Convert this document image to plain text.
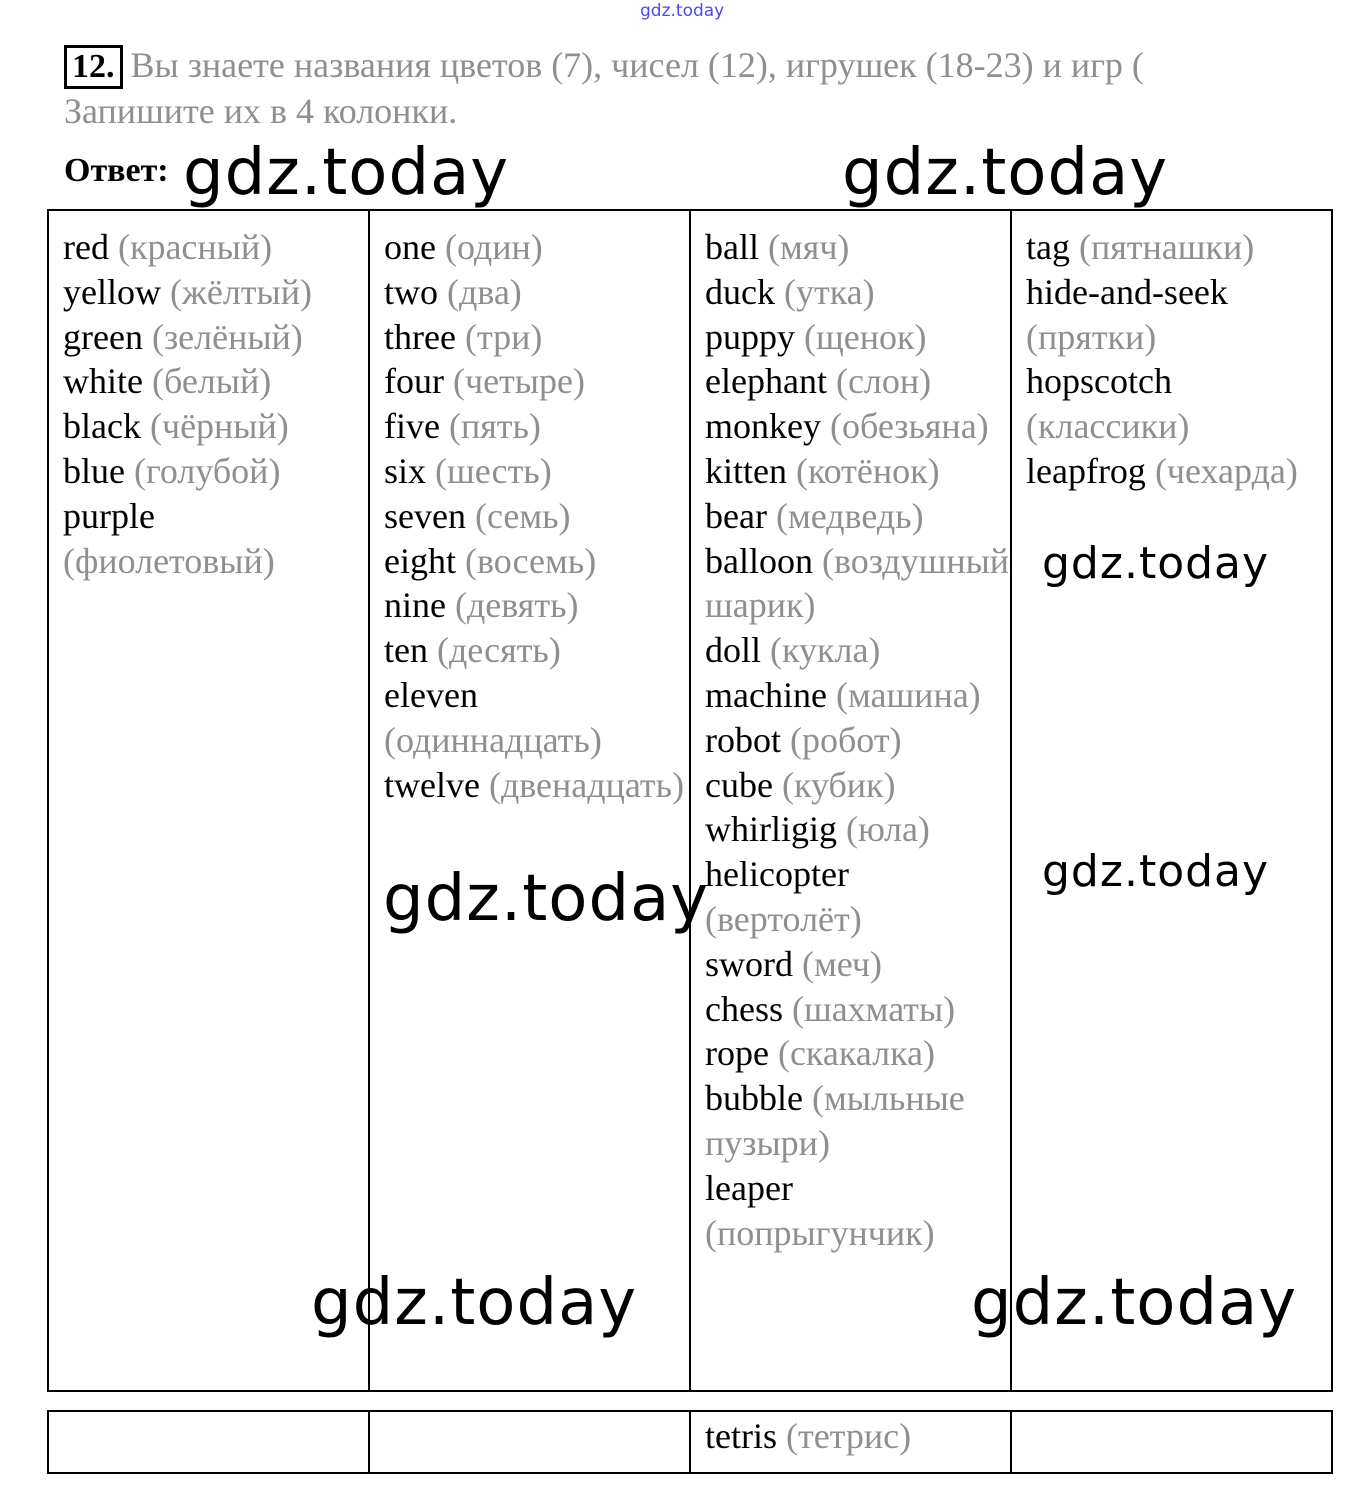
gdz.today
12. Вы знаете названия цветов (7), чисел (12), игрушек (18-23) и игр (
Запишите их в 4 колонки.
Ответ:
red (красный)
yellow (жёлтый)
green (зелёный)
white (белый)
black (чёрный)
blue (голубой)
purple (фиолетовый)

one (один)
two (два)
three (три)
four (четыре)
five (пять)
six (шесть)
seven (семь)
eight (восемь)
nine (девять)
ten (десять)
eleven (одиннадцать)
twelve (двенадцать)

ball (мяч)
duck (утка)
puppy (щенок)
elephant (слон)
monkey (обезьяна)
kitten (котёнок)
bear (медведь)
balloon (воздушный шарик)
doll (кукла)
machine (машина)
robot (робот)
cube (кубик)
whirligig (юла)
helicopter (вертолёт)
sword (меч)
chess (шахматы)
rope (скакалка)
bubble (мыльные пузыри)
leaper (попрыгунчик)

tag (пятнашки)
hide-and-seek (прятки)
hopscotch (классики)
leapfrog (чехарда)
		tetris (тетрис)	
gdz.today	gdz.today
gdz.today
gdz.today	gdz.today
gdz.today	gdz.today
